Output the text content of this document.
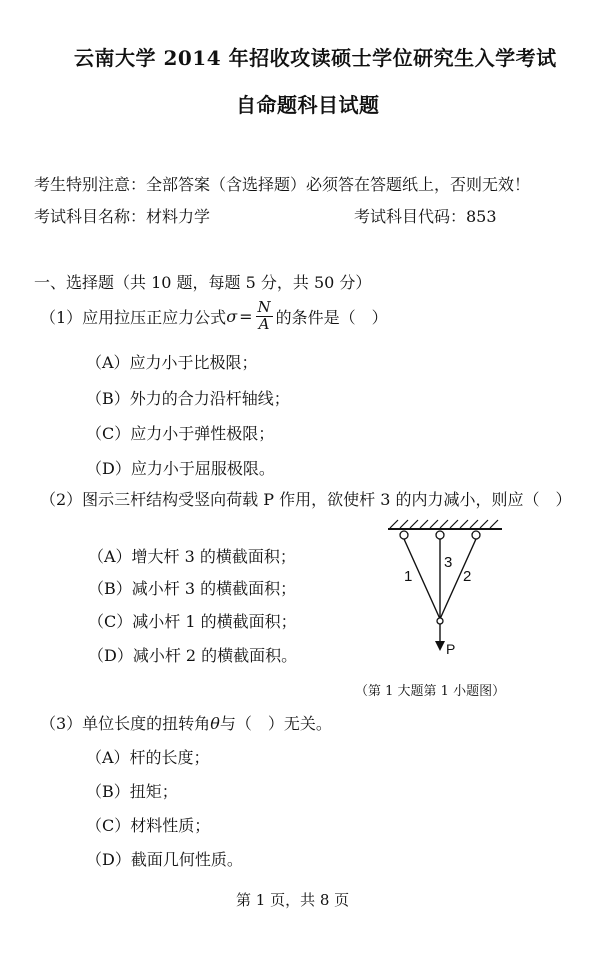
云南大学 2014 年招收攻读硕士学位研究生入学考试
自命题科目试题
考生特别注意：全部答案（含选择题）必须答在答题纸上，否则无效！
考试科目名称：材料力学	考试科目代码：853
一、选择题（共 10 题，每题 5 分，共 50 分）
（1）应用拉压正应力公式 $\sigma = \frac{N}{A}$ 的条件是（　）
（A）应力小于比极限；
（B）外力的合力沿杆轴线；
（C）应力小于弹性极限；
（D）应力小于屈服极限。
（2）图示三杆结构受竖向荷载 P 作用，欲使杆 3 的内力减小，则应（　）
（A）增大杆 3 的横截面积；
（B）减小杆 3 的横截面积；
（C）减小杆 1 的横截面积；
（D）减小杆 2 的横截面积。
1
3
2
P
（第 1 大题第 1 小题图）
（3）单位长度的扭转角θ与（　）无关。
（A）杆的长度；
（B）扭矩；
（C）材料性质；
（D）截面几何性质。
第 1 页，共 8 页
